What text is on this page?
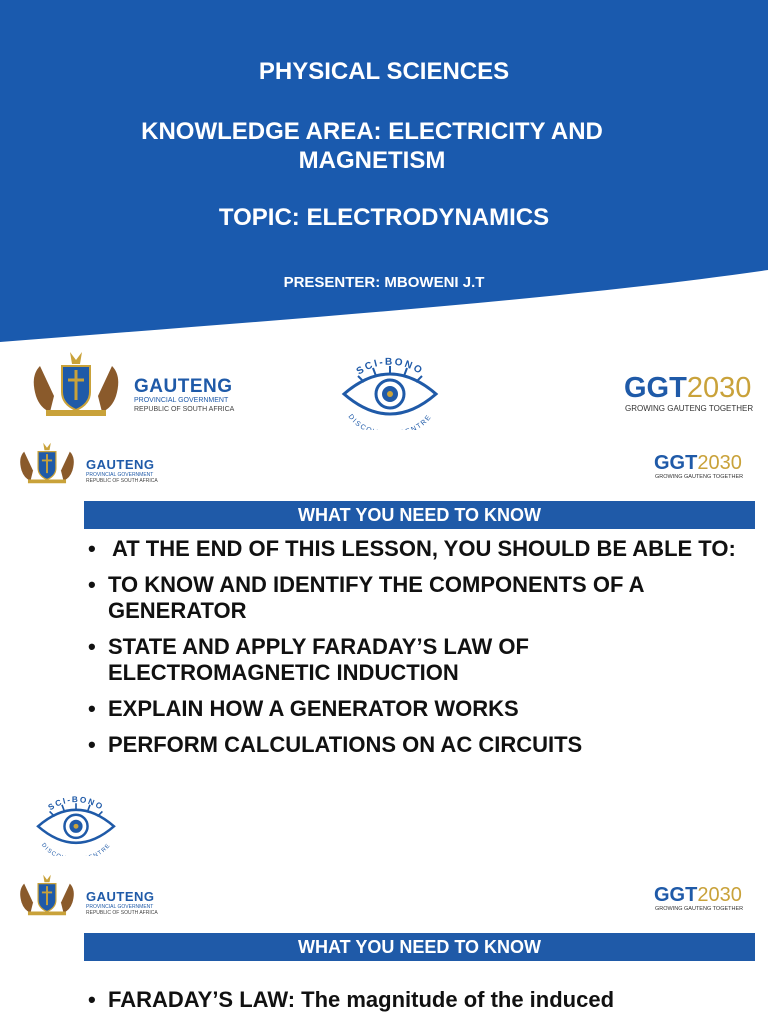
PHYSICAL SCIENCES
KNOWLEDGE AREA: ELECTRICITY AND MAGNETISM
TOPIC: ELECTRODYNAMICS
PRESENTER: MBOWENI J.T
GAUTENG
PROVINCIAL GOVERNMENT
REPUBLIC OF SOUTH AFRICA
SCI-BONO
DISC NTRE
GGT2030
GROWING GAUTENG TOGETHER
GAUTENG
PROVINCIAL GOVERNMENT
REPUBLIC OF SOUTH AFRICA
GGT2030
GROWING GAUTENG TOGETHER
WHAT YOU NEED TO KNOW
• AT THE END OF THIS LESSON, YOU SHOULD BE ABLE TO:
• TO KNOW AND IDENTIFY THE COMPONENTS OF A GENERATOR
• STATE AND APPLY FARADAY’S LAW OF ELECTROMAGNETIC INDUCTION
• EXPLAIN HOW A GENERATOR WORKS
• PERFORM CALCULATIONS ON AC CIRCUITS
SCI-BONO
DISC NTRE
GAUTENG
PROVINCIAL GOVERNMENT
REPUBLIC OF SOUTH AFRICA
GGT2030
GROWING GAUTENG TOGETHER
WHAT YOU NEED TO KNOW
• FARADAY’S LAW: The magnitude of the induced
